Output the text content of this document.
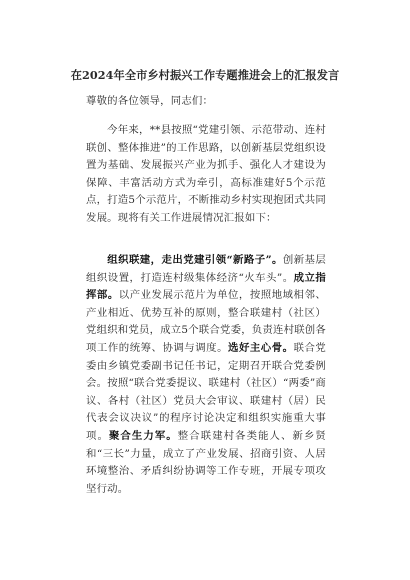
在2024年全市乡村振兴工作专题推进会上的汇报发言
尊敬的各位领导，同志们：
今年来，**县按照“党建引领、示范带动、连村联创、整体推进”的工作思路，以创新基层党组织设置为基础、发展振兴产业为抓手、强化人才建设为保障、丰富活动方式为牵引，高标准建好5个示范点，打造5个示范片，不断推动乡村实现抱团式共同发展。现将有关工作进展情况汇报如下：
组织联建，走出党建引领“新路子”。创新基层组织设置，打造连村级集体经济“火车头”。成立指挥部。以产业发展示范片为单位，按照地域相邻、产业相近、优势互补的原则，整合联建村（社区）党组织和党员，成立5个联合党委，负责连村联创各项工作的统筹、协调与调度。选好主心骨。联合党委由乡镇党委副书记任书记，定期召开联合党委例会。按照“联合党委提议、联建村（社区）“两委”商议、各村（社区）党员大会审议、联建村（居）民代表会议决议”的程序讨论决定和组织实施重大事项。聚合生力军。整合联建村各类能人、新乡贤和“三长”力量，成立了产业发展、招商引资、人居环境整治、矛盾纠纷协调等工作专班，开展专项攻坚行动。
